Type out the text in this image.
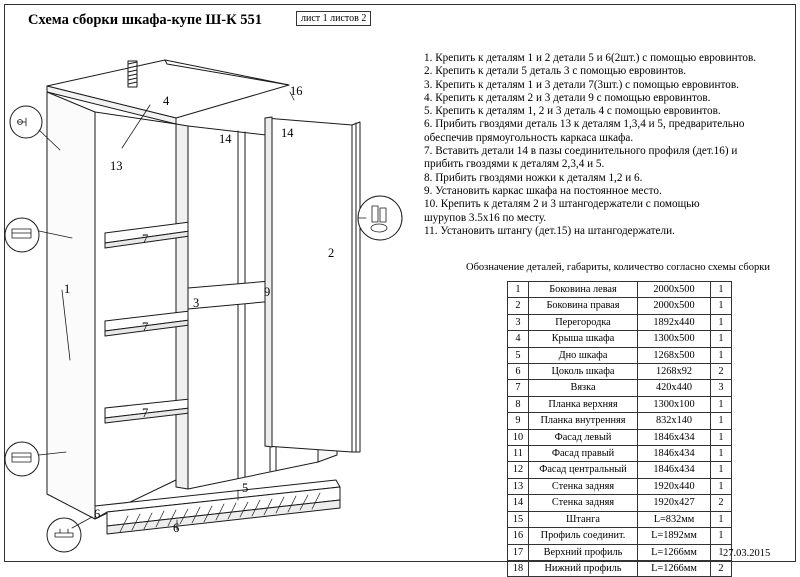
Схема сборки шкафа-купе Ш-К 551	лист 1 листов 2
1
2
3
4
5
6
6
7
7
7
9
13
14	14
16
1. Крепить к деталям 1 и 2 детали 5 и 6(2шт.) с помощью евровинтов.
2. Крепить к детали 5 деталь 3 с помощью евровинтов.
3. Крепить к деталям 1 и 3 детали 7(3шт.) с помощью евровинтов.
4. Крепить к деталям 2 и 3 детали 9 с помощью евровинтов.
5. Крепить к деталям 1, 2 и 3 деталь 4 с помощью евровинтов.
6. Прибить гвоздями деталь 13 к деталям 1,3,4 и 5, предварительно
обеспечив прямоугольность каркаса шкафа.
7. Вставить детали 14 в пазы соединительного профиля (дет.16) и
прибить гвоздями к деталям 2,3,4 и 5.
8. Прибить гвоздями ножки к деталям 1,2 и 6.
9. Установить каркас шкафа на постоянное место.
10. Крепить к деталям 2 и 3 штангодержатели с помощью
шурупов 3.5х16 по месту.
11. Установить штангу (дет.15) на штангодержатели.
Обозначение деталей, габариты, количество согласно схемы сборки
1	Боковина левая	2000х500	1
2	Боковина правая	2000х500	1
3	Перегородка	1892х440	1
4	Крыша шкафа	1300х500	1
5	Дно шкафа	1268х500	1
6	Цоколь шкафа	1268х92	2
7	Вязка	420х440	3
8	Планка верхняя	1300х100	1
9	Планка внутренняя	832х140	1
10	Фасад левый	1846х434	1
11	Фасад правый	1846х434	1
12	Фасад центральный	1846х434	1
13	Стенка задняя	1920х440	1
14	Стенка задняя	1920х427	2
15	Штанга	L=832мм	1
16	Профиль соединит.	L=1892мм	1
17	Верхний профиль	L=1266мм	1
18	Нижний профиль	L=1266мм	2
27.03.2015
